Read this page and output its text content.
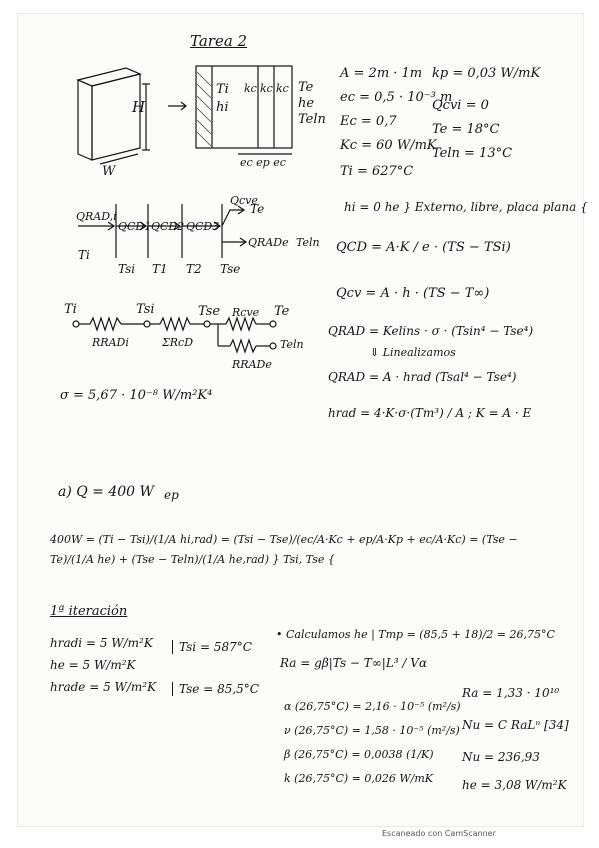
Tarea 2
H
W
Ti
hi
kc kc kc Te
he
Teln
ec ep ec
A = 2m · 1m
ec = 0,5 · 10⁻³ m
Ec = 0,7
Kc = 60 W/mK
Ti = 627°C
kp = 0,03 W/mK
Qcvi = 0
Te = 18°C
Teln = 13°C
hi = 0 he } Externo, libre, placa plana {
QRAD,i
QCD1 QCD2 QCD3
Qcve
QRADe
Ti
Tsi T1 T2 Tse
Te
Teln
Ti	Tsi	Tse	Te
Teln
RRADi	ΣRcD
Rcve
RRADe
σ = 5,67 · 10⁻⁸ W/m²K⁴
QCD = A·K / e · (TS − TSi)
Qcv = A · h · (TS − T∞)
QRAD = Kelins · σ · (Tsin⁴ − Tse⁴)
⇓ Linealizamos
QRAD = A · hrad (Tsal⁴ − Tse⁴)
hrad = 4·K·σ·(Tm³) / A ; K = A · E
a) Q = 400 W ep
400W = (Ti − Tsi)/(1/A hi,rad) = (Tsi − Tse)/(ec/A·Kc + ep/A·Kp + ec/A·Kc) = (Tse − Te)/(1/A he) + (Tse − Teln)/(1/A he,rad) } Tsi, Tse {
1ª iteración
hradi = 5 W/m²K
he = 5 W/m²K
hrade = 5 W/m²K
Tsi = 587°C
Tse = 85,5°C
• Calculamos he | Tmp = (85,5 + 18)/2 = 26,75°C
Ra = gβ|Ts − T∞|L³ / Vα
α (26,75°C) = 2,16 · 10⁻⁵ (m²/s)
ν (26,75°C) = 1,58 · 10⁻⁵ (m²/s)
β (26,75°C) = 0,0038 (1/K)
k (26,75°C) = 0,026 W/mK
Ra = 1,33 · 10¹⁰
Nu = C RaLⁿ [34]
Nu = 236,93
he = 3,08 W/m²K
Escaneado con CamScanner
